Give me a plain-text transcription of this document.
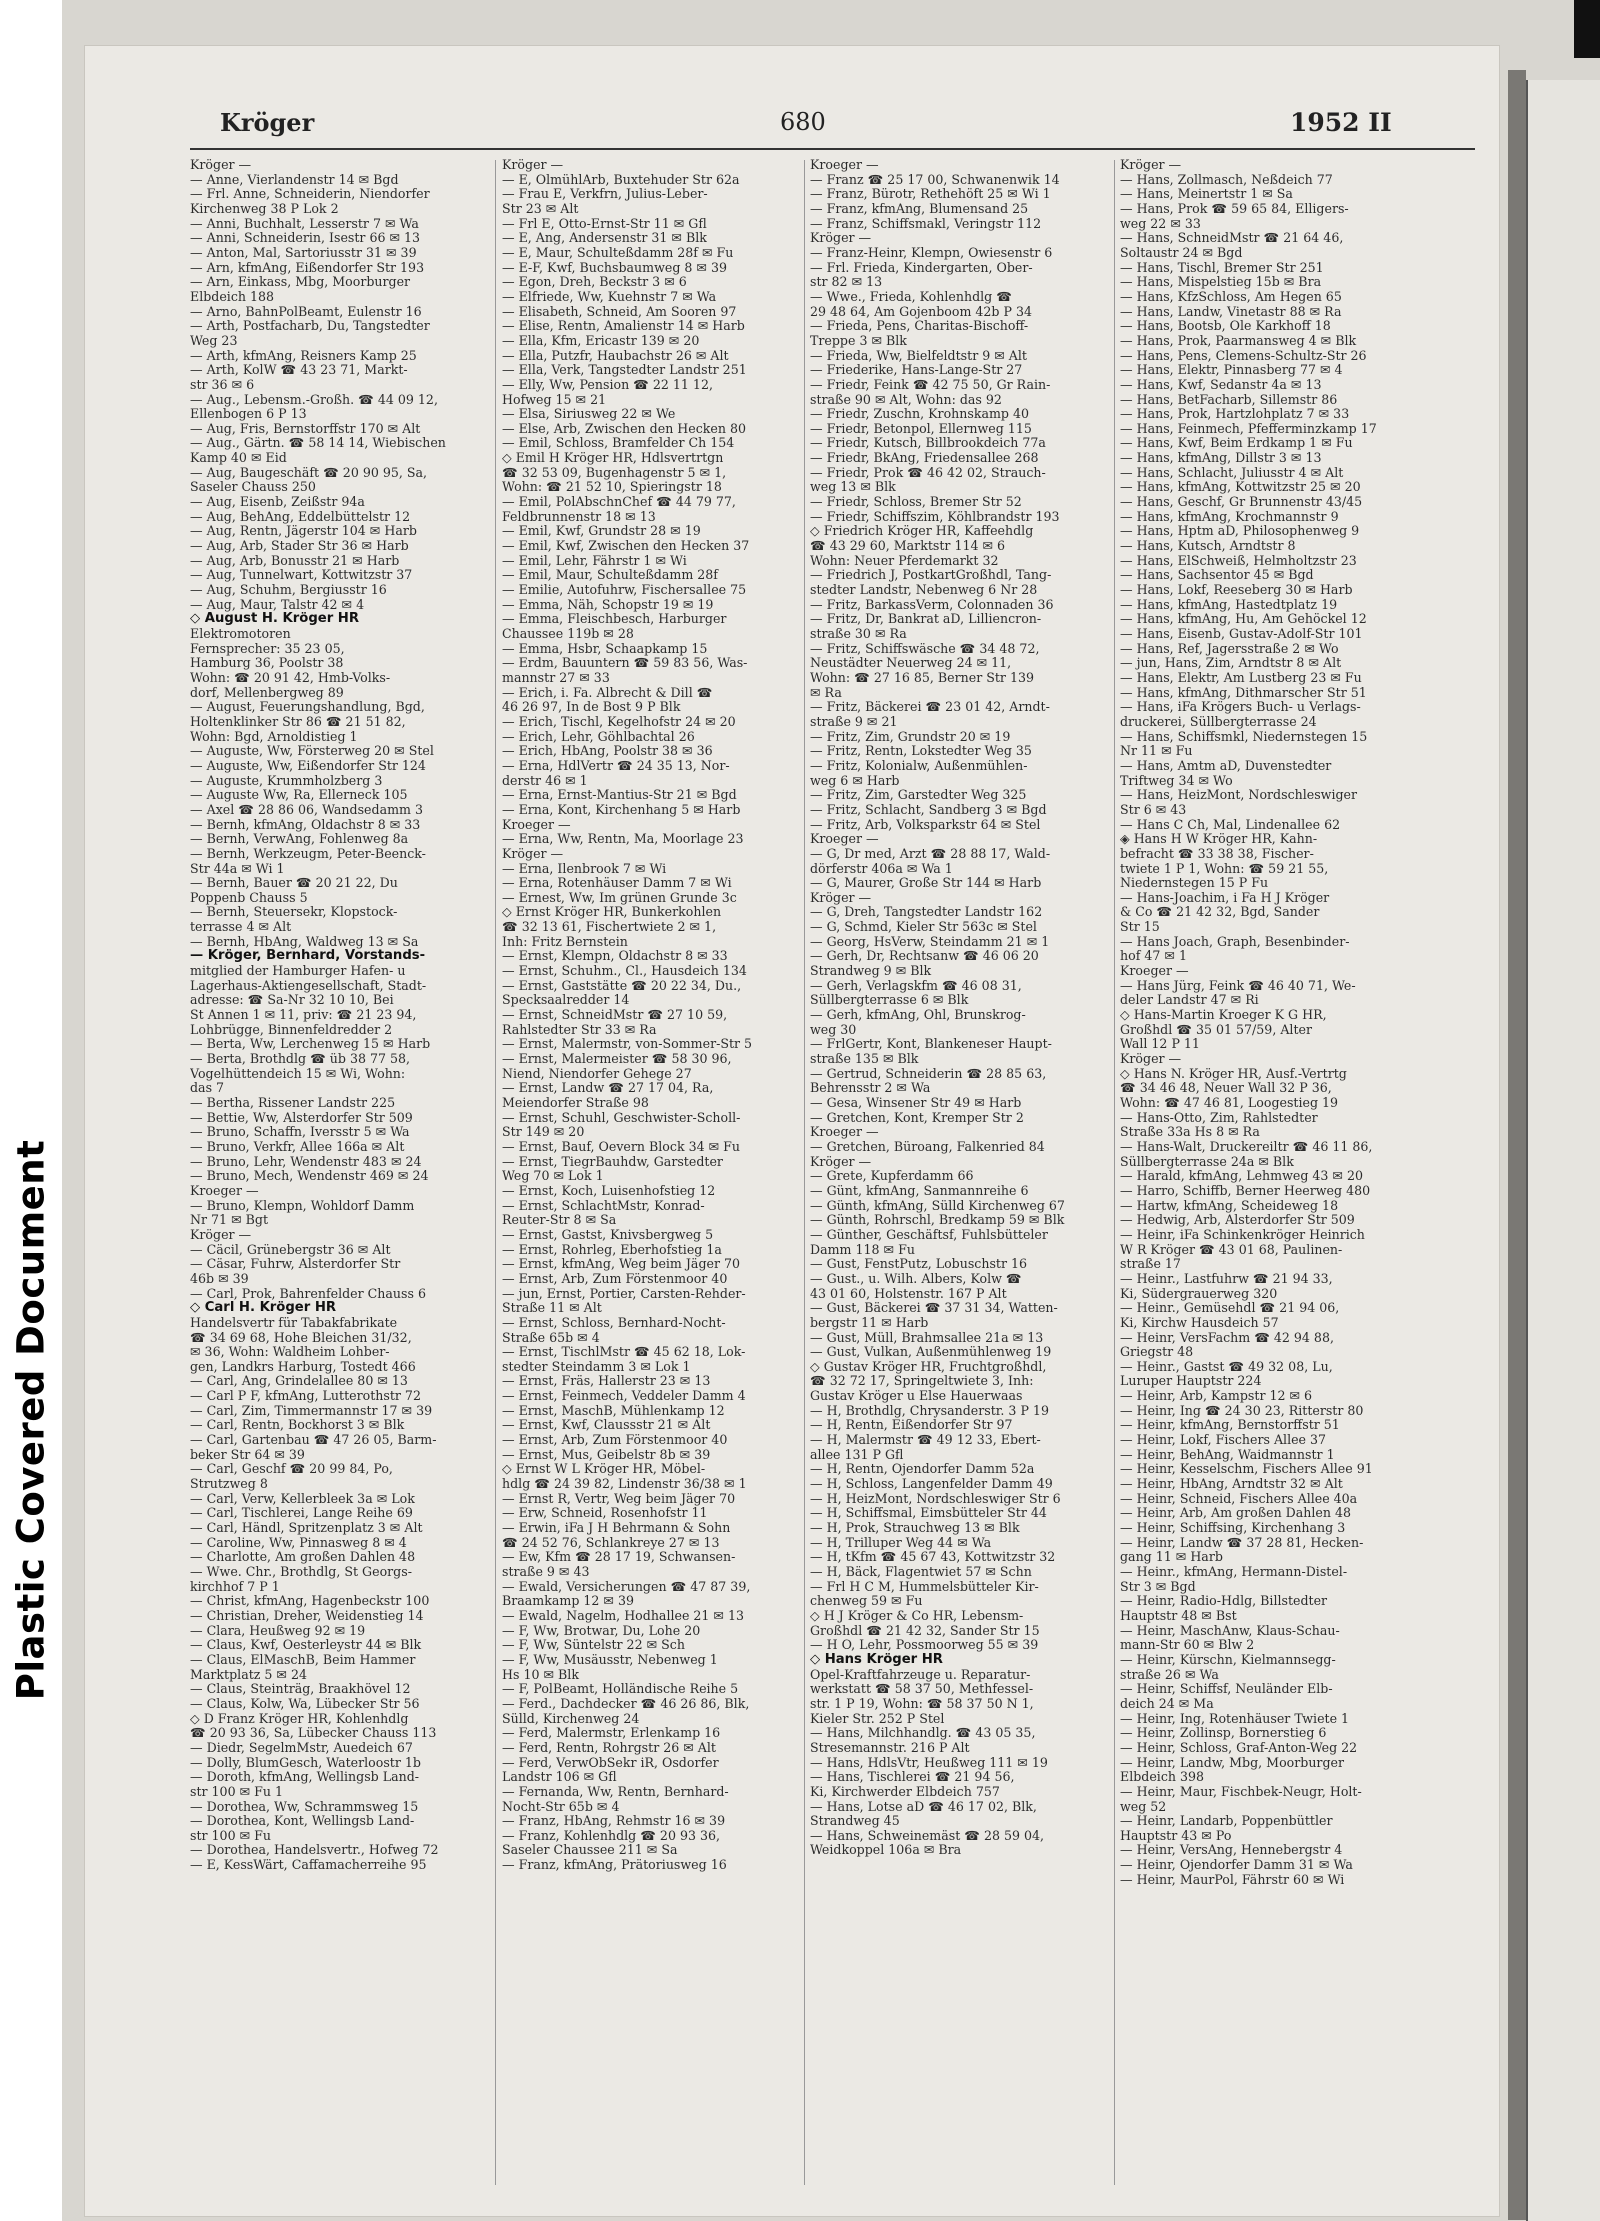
Plastic Covered Document
Kröger	680	1952 II
Kröger —
— Anne, Vierlandenstr 14 ✉ Bgd
— Frl. Anne, Schneiderin, Niendorfer
Kirchenweg 38 P Lok 2
— Anni, Buchhalt, Lesserstr 7 ✉ Wa
— Anni, Schneiderin, Isestr 66 ✉ 13
— Anton, Mal, Sartoriusstr 31 ✉ 39
— Arn, kfmAng, Eißendorfer Str 193
— Arn, Einkass, Mbg, Moorburger
Elbdeich 188
— Arno, BahnPolBeamt, Eulenstr 16
— Arth, Postfacharb, Du, Tangstedter
Weg 23
— Arth, kfmAng, Reisners Kamp 25
— Arth, KolW ☎ 43 23 71, Markt-
str 36 ✉ 6
— Aug., Lebensm.-Großh. ☎ 44 09 12,
Ellenbogen 6 P 13
— Aug, Fris, Bernstorffstr 170 ✉ Alt
— Aug., Gärtn. ☎ 58 14 14, Wiebischen
Kamp 40 ✉ Eid
— Aug, Baugeschäft ☎ 20 90 95, Sa,
Saseler Chauss 250
— Aug, Eisenb, Zeißstr 94a
— Aug, BehAng, Eddelbüttelstr 12
— Aug, Rentn, Jägerstr 104 ✉ Harb
— Aug, Arb, Stader Str 36 ✉ Harb
— Aug, Arb, Bonusstr 21 ✉ Harb
— Aug, Tunnelwart, Kottwitzstr 37
— Aug, Schuhm, Bergiusstr 16
— Aug, Maur, Talstr 42 ✉ 4
◇ August H. Kröger HR
Elektromotoren
Fernsprecher: 35 23 05,
Hamburg 36, Poolstr 38
Wohn: ☎ 20 91 42, Hmb-Volks-
dorf, Mellenbergweg 89
— August, Feuerungshandlung, Bgd,
Holtenklinker Str 86 ☎ 21 51 82,
Wohn: Bgd, Arnoldistieg 1
— Auguste, Ww, Försterweg 20 ✉ Stel
— Auguste, Ww, Eißendorfer Str 124
— Auguste, Krummholzberg 3
— Auguste Ww, Ra, Ellerneck 105
— Axel ☎ 28 86 06, Wandsedamm 3
— Bernh, kfmAng, Oldachstr 8 ✉ 33
— Bernh, VerwAng, Fohlenweg 8a
— Bernh, Werkzeugm, Peter-Beenck-
Str 44a ✉ Wi 1
— Bernh, Bauer ☎ 20 21 22, Du
Poppenb Chauss 5
— Bernh, Steuersekr, Klopstock-
terrasse 4 ✉ Alt
— Bernh, HbAng, Waldweg 13 ✉ Sa
— Kröger, Bernhard, Vorstands-
mitglied der Hamburger Hafen- u
Lagerhaus-Aktiengesellschaft, Stadt-
adresse: ☎ Sa-Nr 32 10 10, Bei
St Annen 1 ✉ 11, priv: ☎ 21 23 94,
Lohbrügge, Binnenfeldredder 2
— Berta, Ww, Lerchenweg 15 ✉ Harb
— Berta, Brothdlg ☎ üb 38 77 58,
Vogelhüttendeich 15 ✉ Wi, Wohn:
das 7
— Bertha, Rissener Landstr 225
— Bettie, Ww, Alsterdorfer Str 509
— Bruno, Schaffn, Iversstr 5 ✉ Wa
— Bruno, Verkfr, Allee 166a ✉ Alt
— Bruno, Lehr, Wendenstr 483 ✉ 24
— Bruno, Mech, Wendenstr 469 ✉ 24
Kroeger —
— Bruno, Klempn, Wohldorf Damm
Nr 71 ✉ Bgt
Kröger —
— Cäcil, Grünebergstr 36 ✉ Alt
— Cäsar, Fuhrw, Alsterdorfer Str
46b ✉ 39
— Carl, Prok, Bahrenfelder Chauss 6
◇ Carl H. Kröger HR
Handelsvertr für Tabakfabrikate
☎ 34 69 68, Hohe Bleichen 31/32,
✉ 36, Wohn: Waldheim Lohber-
gen, Landkrs Harburg, Tostedt 466
— Carl, Ang, Grindelallee 80 ✉ 13
— Carl P F, kfmAng, Lutterothstr 72
— Carl, Zim, Timmermannstr 17 ✉ 39
— Carl, Rentn, Bockhorst 3 ✉ Blk
— Carl, Gartenbau ☎ 47 26 05, Barm-
beker Str 64 ✉ 39
— Carl, Geschf ☎ 20 99 84, Po,
Strutzweg 8
— Carl, Verw, Kellerbleek 3a ✉ Lok
— Carl, Tischlerei, Lange Reihe 69
— Carl, Händl, Spritzenplatz 3 ✉ Alt
— Caroline, Ww, Pinnasweg 8 ✉ 4
— Charlotte, Am großen Dahlen 48
— Wwe. Chr., Brothdlg, St Georgs-
kirchhof 7 P 1
— Christ, kfmAng, Hagenbeckstr 100
— Christian, Dreher, Weidenstieg 14
— Clara, Heußweg 92 ✉ 19
— Claus, Kwf, Oesterleystr 44 ✉ Blk
— Claus, ElMaschB, Beim Hammer
Marktplatz 5 ✉ 24
— Claus, Steinträg, Braakhövel 12
— Claus, Kolw, Wa, Lübecker Str 56
◇ D Franz Kröger HR, Kohlenhdlg
☎ 20 93 36, Sa, Lübecker Chauss 113
— Diedr, SegelmMstr, Auedeich 67
— Dolly, BlumGesch, Waterloostr 1b
— Doroth, kfmAng, Wellingsb Land-
str 100 ✉ Fu 1
— Dorothea, Ww, Schrammsweg 15
— Dorothea, Kont, Wellingsb Land-
str 100 ✉ Fu
— Dorothea, Handelsvertr., Hofweg 72
— E, KessWärt, Caffamacherreihe 95
Kröger —
— E, OlmühlArb, Buxtehuder Str 62a
— Frau E, Verkfrn, Julius-Leber-
Str 23 ✉ Alt
— Frl E, Otto-Ernst-Str 11 ✉ Gfl
— E, Ang, Andersenstr 31 ✉ Blk
— E, Maur, Schulteßdamm 28f ✉ Fu
— E-F, Kwf, Buchsbaumweg 8 ✉ 39
— Egon, Dreh, Beckstr 3 ✉ 6
— Elfriede, Ww, Kuehnstr 7 ✉ Wa
— Elisabeth, Schneid, Am Sooren 97
— Elise, Rentn, Amalienstr 14 ✉ Harb
— Ella, Kfm, Ericastr 139 ✉ 20
— Ella, Putzfr, Haubachstr 26 ✉ Alt
— Ella, Verk, Tangstedter Landstr 251
— Elly, Ww, Pension ☎ 22 11 12,
Hofweg 15 ✉ 21
— Elsa, Siriusweg 22 ✉ We
— Else, Arb, Zwischen den Hecken 80
— Emil, Schloss, Bramfelder Ch 154
◇ Emil H Kröger HR, Hdlsvertrtgn
☎ 32 53 09, Bugenhagenstr 5 ✉ 1,
Wohn: ☎ 21 52 10, Spieringstr 18
— Emil, PolAbschnChef ☎ 44 79 77,
Feldbrunnenstr 18 ✉ 13
— Emil, Kwf, Grundstr 28 ✉ 19
— Emil, Kwf, Zwischen den Hecken 37
— Emil, Lehr, Fährstr 1 ✉ Wi
— Emil, Maur, Schulteßdamm 28f
— Emilie, Autofuhrw, Fischersallee 75
— Emma, Näh, Schopstr 19 ✉ 19
— Emma, Fleischbesch, Harburger
Chaussee 119b ✉ 28
— Emma, Hsbr, Schaapkamp 15
— Erdm, Bauuntern ☎ 59 83 56, Was-
mannstr 27 ✉ 33
— Erich, i. Fa. Albrecht & Dill ☎
46 26 97, In de Bost 9 P Blk
— Erich, Tischl, Kegelhofstr 24 ✉ 20
— Erich, Lehr, Göhlbachtal 26
— Erich, HbAng, Poolstr 38 ✉ 36
— Erna, HdlVertr ☎ 24 35 13, Nor-
derstr 46 ✉ 1
— Erna, Ernst-Mantius-Str 21 ✉ Bgd
— Erna, Kont, Kirchenhang 5 ✉ Harb
Kroeger —
— Erna, Ww, Rentn, Ma, Moorlage 23
Kröger —
— Erna, Ilenbrook 7 ✉ Wi
— Erna, Rotenhäuser Damm 7 ✉ Wi
— Ernest, Ww, Im grünen Grunde 3c
◇ Ernst Kröger HR, Bunkerkohlen
☎ 32 13 61, Fischertwiete 2 ✉ 1,
Inh: Fritz Bernstein
— Ernst, Klempn, Oldachstr 8 ✉ 33
— Ernst, Schuhm., Cl., Hausdeich 134
— Ernst, Gaststätte ☎ 20 22 34, Du.,
Specksaalredder 14
— Ernst, SchneidMstr ☎ 27 10 59,
Rahlstedter Str 33 ✉ Ra
— Ernst, Malermstr, von-Sommer-Str 5
— Ernst, Malermeister ☎ 58 30 96,
Niend, Niendorfer Gehege 27
— Ernst, Landw ☎ 27 17 04, Ra,
Meiendorfer Straße 98
— Ernst, Schuhl, Geschwister-Scholl-
Str 149 ✉ 20
— Ernst, Bauf, Oevern Block 34 ✉ Fu
— Ernst, TiegrBauhdw, Garstedter
Weg 70 ✉ Lok 1
— Ernst, Koch, Luisenhofstieg 12
— Ernst, SchlachtMstr, Konrad-
Reuter-Str 8 ✉ Sa
— Ernst, Gastst, Knivsbergweg 5
— Ernst, Rohrleg, Eberhofstieg 1a
— Ernst, kfmAng, Weg beim Jäger 70
— Ernst, Arb, Zum Förstenmoor 40
— jun, Ernst, Portier, Carsten-Rehder-
Straße 11 ✉ Alt
— Ernst, Schloss, Bernhard-Nocht-
Straße 65b ✉ 4
— Ernst, TischlMstr ☎ 45 62 18, Lok-
stedter Steindamm 3 ✉ Lok 1
— Ernst, Fräs, Hallerstr 23 ✉ 13
— Ernst, Feinmech, Veddeler Damm 4
— Ernst, MaschB, Mühlenkamp 12
— Ernst, Kwf, Claussstr 21 ✉ Alt
— Ernst, Arb, Zum Förstenmoor 40
— Ernst, Mus, Geibelstr 8b ✉ 39
◇ Ernst W L Kröger HR, Möbel-
hdlg ☎ 24 39 82, Lindenstr 36/38 ✉ 1
— Ernst R, Vertr, Weg beim Jäger 70
— Erw, Schneid, Rosenhofstr 11
— Erwin, iFa J H Behrmann & Sohn
☎ 24 52 76, Schlankreye 27 ✉ 13
— Ew, Kfm ☎ 28 17 19, Schwansen-
straße 9 ✉ 43
— Ewald, Versicherungen ☎ 47 87 39,
Braamkamp 12 ✉ 39
— Ewald, Nagelm, Hodhallee 21 ✉ 13
— F, Ww, Brotwar, Du, Lohe 20
— F, Ww, Süntelstr 22 ✉ Sch
— F, Ww, Musäusstr, Nebenweg 1
Hs 10 ✉ Blk
— F, PolBeamt, Holländische Reihe 5
— Ferd., Dachdecker ☎ 46 26 86, Blk,
Sülld, Kirchenweg 24
— Ferd, Malermstr, Erlenkamp 16
— Ferd, Rentn, Rohrgstr 26 ✉ Alt
— Ferd, VerwObSekr iR, Osdorfer
Landstr 106 ✉ Gfl
— Fernanda, Ww, Rentn, Bernhard-
Nocht-Str 65b ✉ 4
— Franz, HbAng, Rehmstr 16 ✉ 39
— Franz, Kohlenhdlg ☎ 20 93 36,
Saseler Chaussee 211 ✉ Sa
— Franz, kfmAng, Prätoriusweg 16
Kroeger —
— Franz ☎ 25 17 00, Schwanenwik 14
— Franz, Bürotr, Rethehöft 25 ✉ Wi 1
— Franz, kfmAng, Blumensand 25
— Franz, Schiffsmakl, Veringstr 112
Kröger —
— Franz-Heinr, Klempn, Owiesenstr 6
— Frl. Frieda, Kindergarten, Ober-
str 82 ✉ 13
— Wwe., Frieda, Kohlenhdlg ☎
29 48 64, Am Gojenboom 42b P 34
— Frieda, Pens, Charitas-Bischoff-
Treppe 3 ✉ Blk
— Frieda, Ww, Bielfeldtstr 9 ✉ Alt
— Friederike, Hans-Lange-Str 27
— Friedr, Feink ☎ 42 75 50, Gr Rain-
straße 90 ✉ Alt, Wohn: das 92
— Friedr, Zuschn, Krohnskamp 40
— Friedr, Betonpol, Ellernweg 115
— Friedr, Kutsch, Billbrookdeich 77a
— Friedr, BkAng, Friedensallee 268
— Friedr, Prok ☎ 46 42 02, Strauch-
weg 13 ✉ Blk
— Friedr, Schloss, Bremer Str 52
— Friedr, Schiffszim, Köhlbrandstr 193
◇ Friedrich Kröger HR, Kaffeehdlg
☎ 43 29 60, Marktstr 114 ✉ 6
Wohn: Neuer Pferdemarkt 32
— Friedrich J, PostkartGroßhdl, Tang-
stedter Landstr, Nebenweg 6 Nr 28
— Fritz, BarkassVerm, Colonnaden 36
— Fritz, Dr, Bankrat aD, Lilliencron-
straße 30 ✉ Ra
— Fritz, Schiffswäsche ☎ 34 48 72,
Neustädter Neuerweg 24 ✉ 11,
Wohn: ☎ 27 16 85, Berner Str 139
✉ Ra
— Fritz, Bäckerei ☎ 23 01 42, Arndt-
straße 9 ✉ 21
— Fritz, Zim, Grundstr 20 ✉ 19
— Fritz, Rentn, Lokstedter Weg 35
— Fritz, Kolonialw, Außenmühlen-
weg 6 ✉ Harb
— Fritz, Zim, Garstedter Weg 325
— Fritz, Schlacht, Sandberg 3 ✉ Bgd
— Fritz, Arb, Volksparkstr 64 ✉ Stel
Kroeger —
— G, Dr med, Arzt ☎ 28 88 17, Wald-
dörferstr 406a ✉ Wa 1
— G, Maurer, Große Str 144 ✉ Harb
Kröger —
— G, Dreh, Tangstedter Landstr 162
— G, Schmd, Kieler Str 563c ✉ Stel
— Georg, HsVerw, Steindamm 21 ✉ 1
— Gerh, Dr, Rechtsanw ☎ 46 06 20
Strandweg 9 ✉ Blk
— Gerh, Verlagskfm ☎ 46 08 31,
Süllbergterrasse 6 ✉ Blk
— Gerh, kfmAng, Ohl, Brunskrog-
weg 30
— FrlGertr, Kont, Blankeneser Haupt-
straße 135 ✉ Blk
— Gertrud, Schneiderin ☎ 28 85 63,
Behrensstr 2 ✉ Wa
— Gesa, Winsener Str 49 ✉ Harb
— Gretchen, Kont, Kremper Str 2
Kroeger —
— Gretchen, Büroang, Falkenried 84
Kröger —
— Grete, Kupferdamm 66
— Günt, kfmAng, Sanmannreihe 6
— Günth, kfmAng, Sülld Kirchenweg 67
— Günth, Rohrschl, Bredkamp 59 ✉ Blk
— Günther, Geschäftsf, Fuhlsbütteler
Damm 118 ✉ Fu
— Gust, FenstPutz, Lobuschstr 16
— Gust., u. Wilh. Albers, Kolw ☎
43 01 60, Holstenstr. 167 P Alt
— Gust, Bäckerei ☎ 37 31 34, Watten-
bergstr 11 ✉ Harb
— Gust, Müll, Brahmsallee 21a ✉ 13
— Gust, Vulkan, Außenmühlenweg 19
◇ Gustav Kröger HR, Fruchtgroßhdl,
☎ 32 72 17, Springeltwiete 3, Inh:
Gustav Kröger u Else Hauerwaas
— H, Brothdlg, Chrysanderstr. 3 P 19
— H, Rentn, Eißendorfer Str 97
— H, Malermstr ☎ 49 12 33, Ebert-
allee 131 P Gfl
— H, Rentn, Ojendorfer Damm 52a
— H, Schloss, Langenfelder Damm 49
— H, HeizMont, Nordschleswiger Str 6
— H, Schiffsmal, Eimsbütteler Str 44
— H, Prok, Strauchweg 13 ✉ Blk
— H, Trilluper Weg 44 ✉ Wa
— H, tKfm ☎ 45 67 43, Kottwitzstr 32
— H, Bäck, Flagentwiet 57 ✉ Schn
— Frl H C M, Hummelsbütteler Kir-
chenweg 59 ✉ Fu
◇ H J Kröger & Co HR, Lebensm-
Großhdl ☎ 21 42 32, Sander Str 15
— H O, Lehr, Possmoorweg 55 ✉ 39
◇ Hans Kröger HR
Opel-Kraftfahrzeuge u. Reparatur-
werkstatt ☎ 58 37 50, Methfessel-
str. 1 P 19, Wohn: ☎ 58 37 50 N 1,
Kieler Str. 252 P Stel
— Hans, Milchhandlg. ☎ 43 05 35,
Stresemannstr. 216 P Alt
— Hans, HdlsVtr, Heußweg 111 ✉ 19
— Hans, Tischlerei ☎ 21 94 56,
Ki, Kirchwerder Elbdeich 757
— Hans, Lotse aD ☎ 46 17 02, Blk,
Strandweg 45
— Hans, Schweinemäst ☎ 28 59 04,
Weidkoppel 106a ✉ Bra
Kröger —
— Hans, Zollmasch, Neßdeich 77
— Hans, Meinertstr 1 ✉ Sa
— Hans, Prok ☎ 59 65 84, Elligers-
weg 22 ✉ 33
— Hans, SchneidMstr ☎ 21 64 46,
Soltaustr 24 ✉ Bgd
— Hans, Tischl, Bremer Str 251
— Hans, Mispelstieg 15b ✉ Bra
— Hans, KfzSchloss, Am Hegen 65
— Hans, Landw, Vinetastr 88 ✉ Ra
— Hans, Bootsb, Ole Karkhoff 18
— Hans, Prok, Paarmansweg 4 ✉ Blk
— Hans, Pens, Clemens-Schultz-Str 26
— Hans, Elektr, Pinnasberg 77 ✉ 4
— Hans, Kwf, Sedanstr 4a ✉ 13
— Hans, BetFacharb, Sillemstr 86
— Hans, Prok, Hartzlohplatz 7 ✉ 33
— Hans, Feinmech, Pfefferminzkamp 17
— Hans, Kwf, Beim Erdkamp 1 ✉ Fu
— Hans, kfmAng, Dillstr 3 ✉ 13
— Hans, Schlacht, Juliusstr 4 ✉ Alt
— Hans, kfmAng, Kottwitzstr 25 ✉ 20
— Hans, Geschf, Gr Brunnenstr 43/45
— Hans, kfmAng, Krochmannstr 9
— Hans, Hptm aD, Philosophenweg 9
— Hans, Kutsch, Arndtstr 8
— Hans, ElSchweiß, Helmholtzstr 23
— Hans, Sachsentor 45 ✉ Bgd
— Hans, Lokf, Reeseberg 30 ✉ Harb
— Hans, kfmAng, Hastedtplatz 19
— Hans, kfmAng, Hu, Am Gehöckel 12
— Hans, Eisenb, Gustav-Adolf-Str 101
— Hans, Ref, Jagersstraße 2 ✉ Wo
— jun, Hans, Zim, Arndtstr 8 ✉ Alt
— Hans, Elektr, Am Lustberg 23 ✉ Fu
— Hans, kfmAng, Dithmarscher Str 51
— Hans, iFa Krögers Buch- u Verlags-
druckerei, Süllbergterrasse 24
— Hans, Schiffsmkl, Niedernstegen 15
Nr 11 ✉ Fu
— Hans, Amtm aD, Duvenstedter
Triftweg 34 ✉ Wo
— Hans, HeizMont, Nordschleswiger
Str 6 ✉ 43
— Hans C Ch, Mal, Lindenallee 62
◈ Hans H W Kröger HR, Kahn-
befracht ☎ 33 38 38, Fischer-
twiete 1 P 1, Wohn: ☎ 59 21 55,
Niedernstegen 15 P Fu
— Hans-Joachim, i Fa H J Kröger
& Co ☎ 21 42 32, Bgd, Sander
Str 15
— Hans Joach, Graph, Besenbinder-
hof 47 ✉ 1
Kroeger —
— Hans Jürg, Feink ☎ 46 40 71, We-
deler Landstr 47 ✉ Ri
◇ Hans-Martin Kroeger K G HR,
Großhdl ☎ 35 01 57/59, Alter
Wall 12 P 11
Kröger —
◇ Hans N. Kröger HR, Ausf.-Vertrtg
☎ 34 46 48, Neuer Wall 32 P 36,
Wohn: ☎ 47 46 81, Loogestieg 19
— Hans-Otto, Zim, Rahlstedter
Straße 33a Hs 8 ✉ Ra
— Hans-Walt, Druckereiltr ☎ 46 11 86,
Süllbergterrasse 24a ✉ Blk
— Harald, kfmAng, Lehmweg 43 ✉ 20
— Harro, Schiffb, Berner Heerweg 480
— Hartw, kfmAng, Scheideweg 18
— Hedwig, Arb, Alsterdorfer Str 509
— Heinr, iFa Schinkenkröger Heinrich
W R Kröger ☎ 43 01 68, Paulinen-
straße 17
— Heinr., Lastfuhrw ☎ 21 94 33,
Ki, Südergrauerweg 320
— Heinr., Gemüsehdl ☎ 21 94 06,
Ki, Kirchw Hausdeich 57
— Heinr, VersFachm ☎ 42 94 88,
Griegstr 48
— Heinr., Gastst ☎ 49 32 08, Lu,
Luruper Hauptstr 224
— Heinr, Arb, Kampstr 12 ✉ 6
— Heinr, Ing ☎ 24 30 23, Ritterstr 80
— Heinr, kfmAng, Bernstorffstr 51
— Heinr, Lokf, Fischers Allee 37
— Heinr, BehAng, Waidmannstr 1
— Heinr, Kesselschm, Fischers Allee 91
— Heinr, HbAng, Arndtstr 32 ✉ Alt
— Heinr, Schneid, Fischers Allee 40a
— Heinr, Arb, Am großen Dahlen 48
— Heinr, Schiffsing, Kirchenhang 3
— Heinr, Landw ☎ 37 28 81, Hecken-
gang 11 ✉ Harb
— Heinr., kfmAng, Hermann-Distel-
Str 3 ✉ Bgd
— Heinr, Radio-Hdlg, Billstedter
Hauptstr 48 ✉ Bst
— Heinr, MaschAnw, Klaus-Schau-
mann-Str 60 ✉ Blw 2
— Heinr, Kürschn, Kielmannsegg-
straße 26 ✉ Wa
— Heinr, Schiffsf, Neuländer Elb-
deich 24 ✉ Ma
— Heinr, Ing, Rotenhäuser Twiete 1
— Heinr, Zollinsp, Bornerstieg 6
— Heinr, Schloss, Graf-Anton-Weg 22
— Heinr, Landw, Mbg, Moorburger
Elbdeich 398
— Heinr, Maur, Fischbek-Neugr, Holt-
weg 52
— Heinr, Landarb, Poppenbüttler
Hauptstr 43 ✉ Po
— Heinr, VersAng, Hennebergstr 4
— Heinr, Ojendorfer Damm 31 ✉ Wa
— Heinr, MaurPol, Fährstr 60 ✉ Wi
